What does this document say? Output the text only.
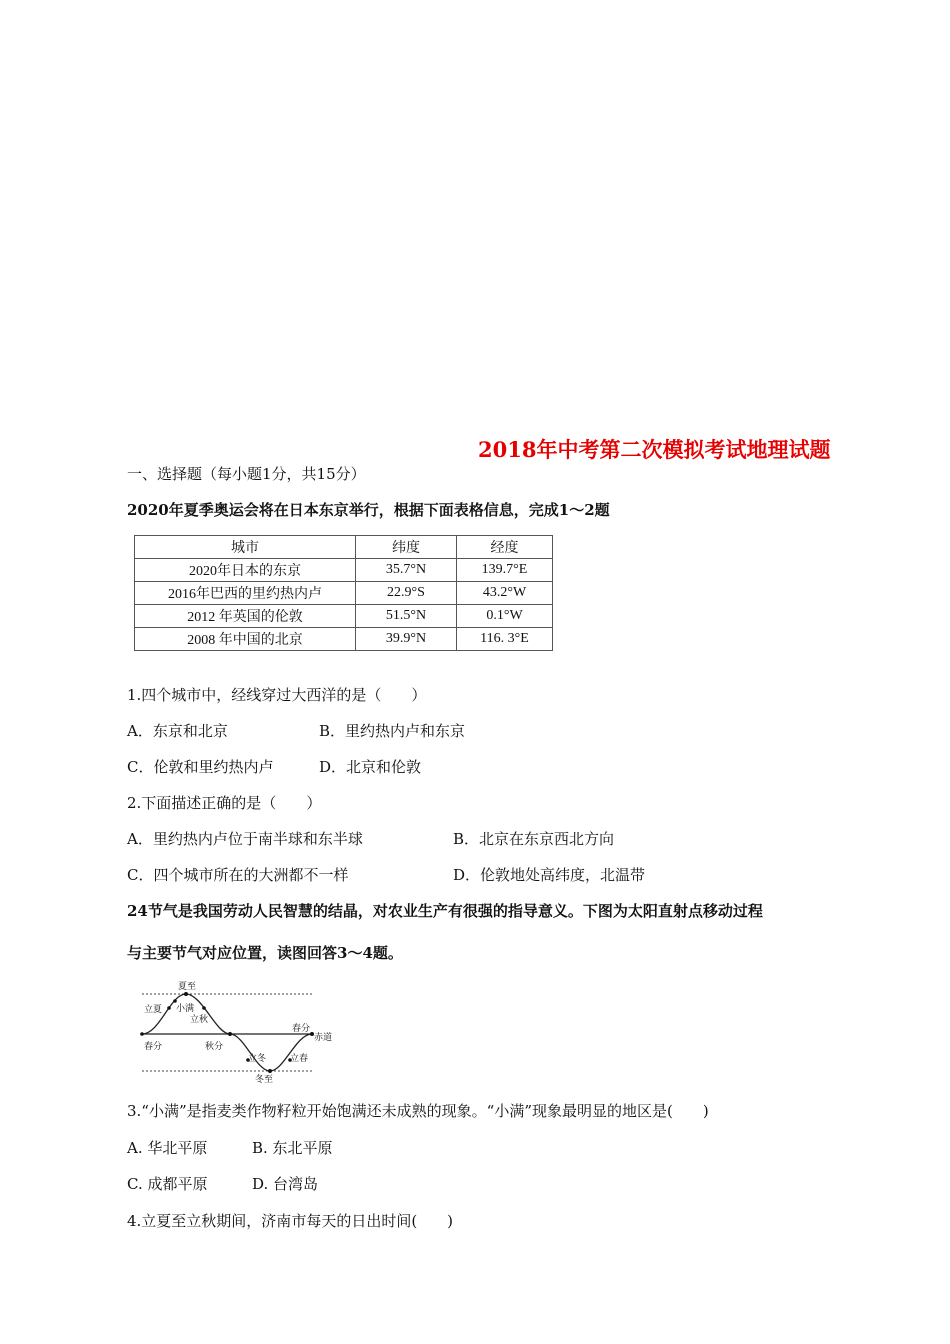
2018年中考第二次模拟考试地理试题
一、选择题（每小题1分，共15分）
2020年夏季奥运会将在日本东京举行，根据下面表格信息，完成1～2题
城市	纬度	经度
2020年日本的东京	35.7°N	139.7°E
2016年巴西的里约热内卢	22.9°S	43.2°W
2012 年英国的伦敦	51.5°N	0.1°W
2008 年中国的北京	39.9°N	116. 3°E
1.四个城市中，经线穿过大西洋的是（　　）
A．东京和北京	B．里约热内卢和东京
C．伦敦和里约热内卢	D．北京和伦敦
2.下面描述正确的是（　　）
A．里约热内卢位于南半球和东半球	B．北京在东京西北方向
C．四个城市所在的大洲都不一样	D．伦敦地处高纬度，北温带
24节气是我国劳动人民智慧的结晶，对农业生产有很强的指导意义。下图为太阳直射点移动过程
与主要节气对应位置，读图回答3～4题。
夏至
立夏 小满
立秋
春分	秋分
立冬	立春
冬至
春分
赤道
3.“小满”是指麦类作物籽粒开始饱满还未成熟的现象。“小满”现象最明显的地区是(　　)
A. 华北平原	B. 东北平原
C. 成都平原	D. 台湾岛
4.立夏至立秋期间，济南市每天的日出时间(　　)
